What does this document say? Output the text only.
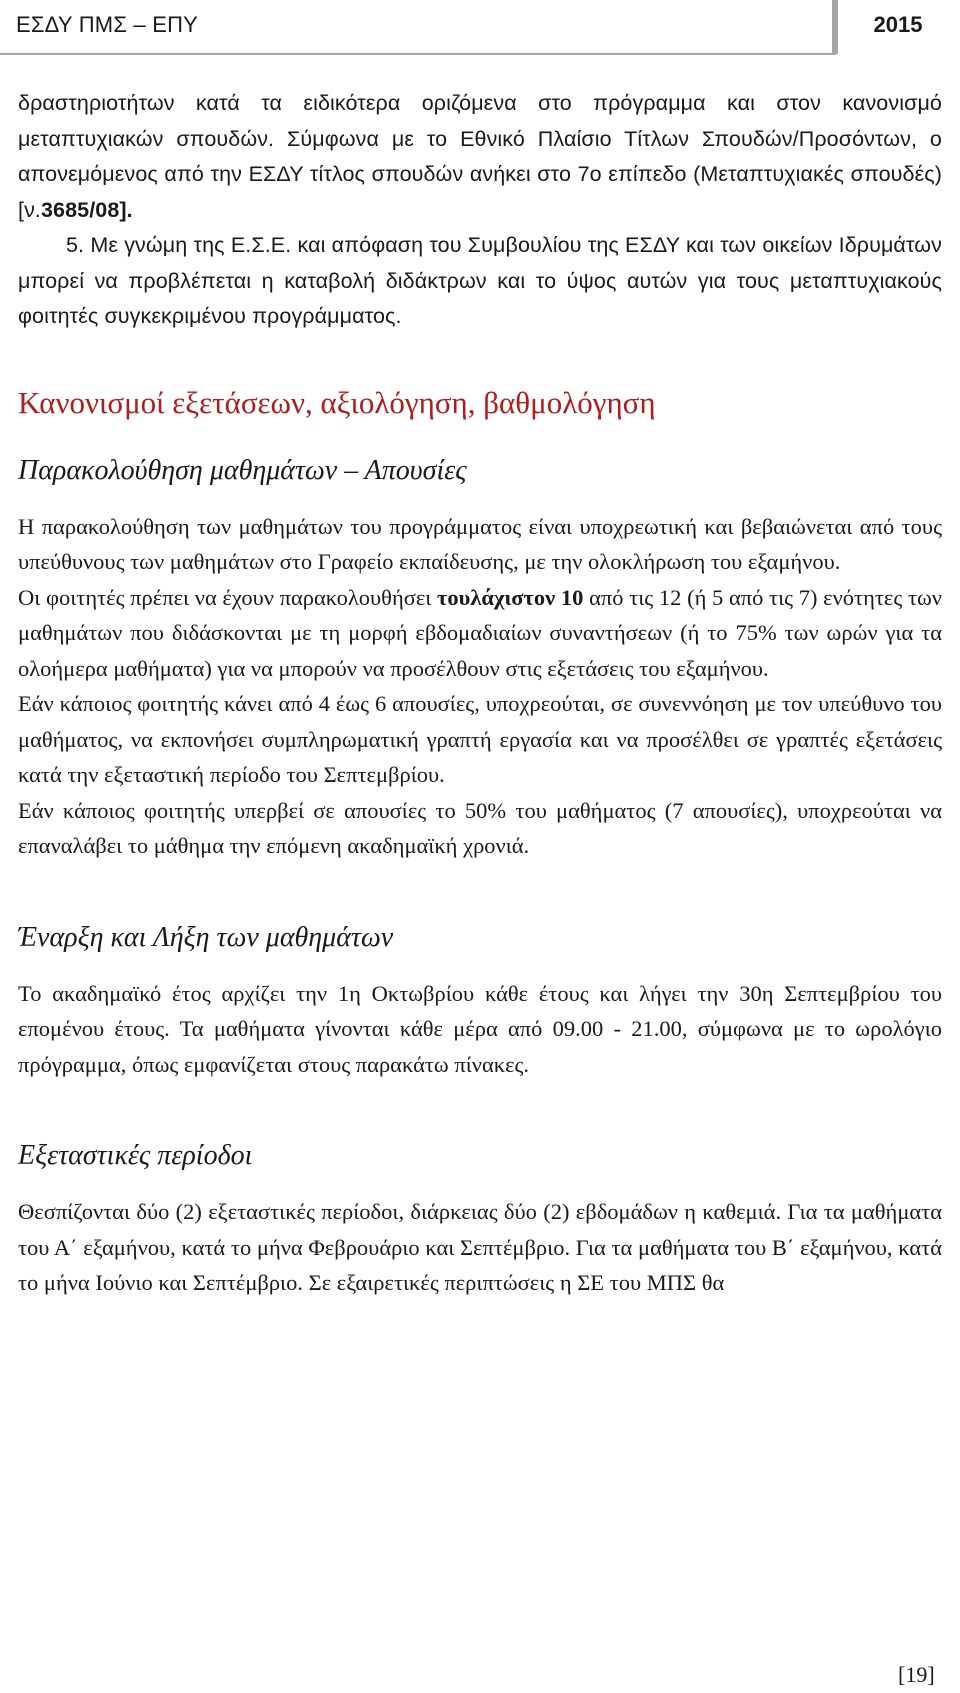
ΕΣΔΥ ΠΜΣ – ΕΠΥ	2015

δραστηριοτήτων κατά τα ειδικότερα οριζόμενα στο πρόγραμμα και στον κανονισμό μεταπτυχιακών σπουδών. Σύμφωνα με το Εθνικό Πλαίσιο Τίτλων Σπουδών/Προσόντων, ο απονεμόμενος από την ΕΣΔΥ τίτλος σπουδών ανήκει στο 7ο επίπεδο (Μεταπτυχιακές σπουδές) [ν.3685/08].

5. Με γνώμη της Ε.Σ.Ε. και απόφαση του Συμβουλίου της ΕΣΔΥ και των οικείων Ιδρυμάτων μπορεί να προβλέπεται η καταβολή διδάκτρων και το ύψος αυτών για τους μεταπτυχιακούς φοιτητές συγκεκριμένου προγράμματος.

Κανονισμοί εξετάσεων, αξιολόγηση, βαθμολόγηση
Παρακολούθηση μαθημάτων – Απουσίες

Η παρακολούθηση των μαθημάτων του προγράμματος είναι υποχρεωτική και βεβαιώνεται από τους υπεύθυνους των μαθημάτων στο Γραφείο εκπαίδευσης, με την ολοκλήρωση του εξαμήνου.

Οι φοιτητές πρέπει να έχουν παρακολουθήσει τουλάχιστον 10 από τις 12 (ή 5 από τις 7) ενότητες των μαθημάτων που διδάσκονται με τη μορφή εβδομαδιαίων συναντήσεων (ή το 75% των ωρών για τα ολοήμερα μαθήματα) για να μπορούν να προσέλθουν στις εξετάσεις του εξαμήνου.

Εάν κάποιος φοιτητής κάνει από 4 έως 6 απουσίες, υποχρεούται, σε συνεννόηση με τον υπεύθυνο του μαθήματος, να εκπονήσει συμπληρωματική γραπτή εργασία και να προσέλθει σε γραπτές εξετάσεις κατά την εξεταστική περίοδο του Σεπτεμβρίου.

Εάν κάποιος φοιτητής υπερβεί σε απουσίες το 50% του μαθήματος (7 απουσίες), υποχρεούται να επαναλάβει το μάθημα την επόμενη ακαδημαϊκή χρονιά.

Έναρξη και Λήξη των μαθημάτων

Το ακαδημαϊκό έτος αρχίζει την 1η Οκτωβρίου κάθε έτους και λήγει την 30η Σεπτεμβρίου του επομένου έτους. Τα μαθήματα γίνονται κάθε μέρα από 09.00 - 21.00, σύμφωνα με το ωρολόγιο πρόγραμμα, όπως εμφανίζεται στους παρακάτω πίνακες.

Εξεταστικές περίοδοι

Θεσπίζονται δύο (2) εξεταστικές περίοδοι, διάρκειας δύο (2) εβδομάδων η καθεμιά. Για τα μαθήματα του Α΄ εξαμήνου, κατά το μήνα Φεβρουάριο και Σεπτέμβριο. Για τα μαθήματα του Β΄ εξαμήνου, κατά το μήνα Ιούνιο και Σεπτέμβριο. Σε εξαιρετικές περιπτώσεις η ΣΕ του ΜΠΣ θα

[19]
